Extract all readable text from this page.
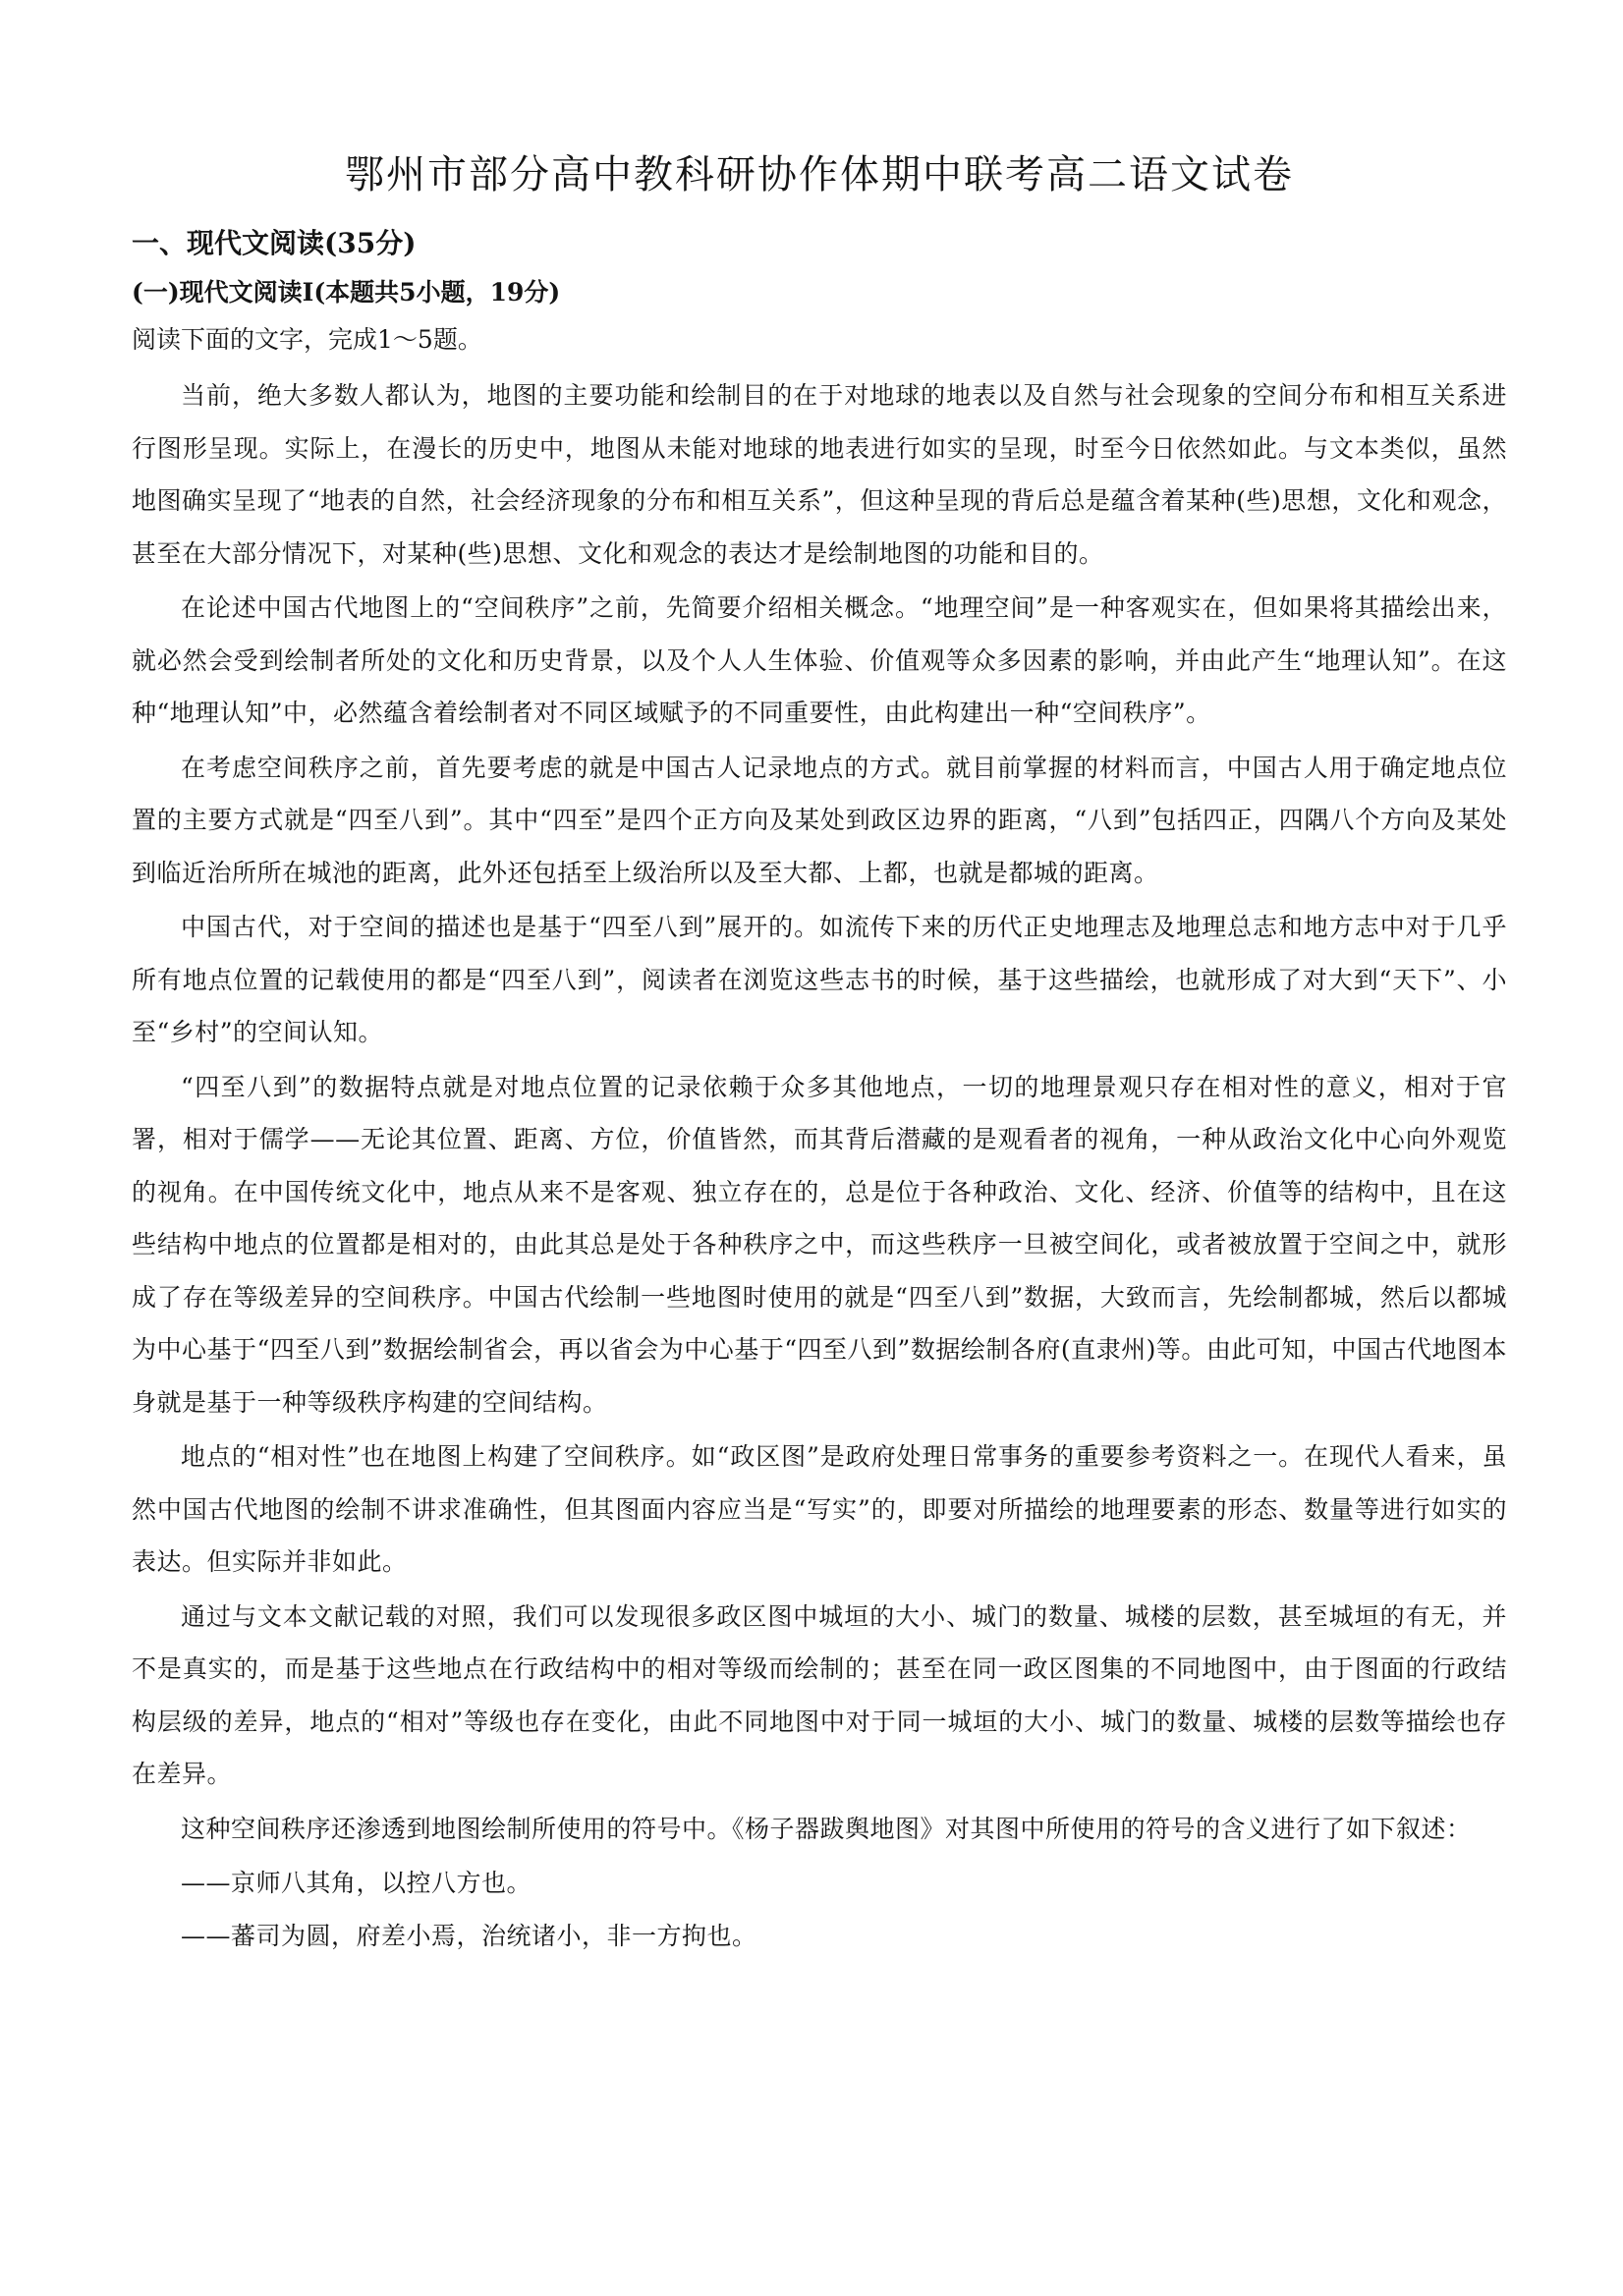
鄂州市部分高中教科研协作体期中联考高二语文试卷
一、现代文阅读(35分)
(一)现代文阅读Ⅰ(本题共5小题，19分)
阅读下面的文字，完成1～5题。

当前，绝大多数人都认为，地图的主要功能和绘制目的在于对地球的地表以及自然与社会现象的空间分布和相互关系进行图形呈现。实际上，在漫长的历史中，地图从未能对地球的地表进行如实的呈现，时至今日依然如此。与文本类似，虽然地图确实呈现了“地表的自然，社会经济现象的分布和相互关系”，但这种呈现的背后总是蕴含着某种(些)思想，文化和观念，甚至在大部分情况下，对某种(些)思想、文化和观念的表达才是绘制地图的功能和目的。

在论述中国古代地图上的“空间秩序”之前，先简要介绍相关概念。“地理空间”是一种客观实在，但如果将其描绘出来，就必然会受到绘制者所处的文化和历史背景，以及个人人生体验、价值观等众多因素的影响，并由此产生“地理认知”。在这种“地理认知”中，必然蕴含着绘制者对不同区域赋予的不同重要性，由此构建出一种“空间秩序”。

在考虑空间秩序之前，首先要考虑的就是中国古人记录地点的方式。就目前掌握的材料而言，中国古人用于确定地点位置的主要方式就是“四至八到”。其中“四至”是四个正方向及某处到政区边界的距离，“八到”包括四正，四隅八个方向及某处到临近治所所在城池的距离，此外还包括至上级治所以及至大都、上都，也就是都城的距离。

中国古代，对于空间的描述也是基于“四至八到”展开的。如流传下来的历代正史地理志及地理总志和地方志中对于几乎所有地点位置的记载使用的都是“四至八到”，阅读者在浏览这些志书的时候，基于这些描绘，也就形成了对大到“天下”、小至“乡村”的空间认知。

“四至八到”的数据特点就是对地点位置的记录依赖于众多其他地点，一切的地理景观只存在相对性的意义，相对于官署，相对于儒学——无论其位置、距离、方位，价值皆然，而其背后潜藏的是观看者的视角，一种从政治文化中心向外观览的视角。在中国传统文化中，地点从来不是客观、独立存在的，总是位于各种政治、文化、经济、价值等的结构中，且在这些结构中地点的位置都是相对的，由此其总是处于各种秩序之中，而这些秩序一旦被空间化，或者被放置于空间之中，就形成了存在等级差异的空间秩序。中国古代绘制一些地图时使用的就是“四至八到”数据，大致而言，先绘制都城，然后以都城为中心基于“四至八到”数据绘制省会，再以省会为中心基于“四至八到”数据绘制各府(直隶州)等。由此可知，中国古代地图本身就是基于一种等级秩序构建的空间结构。

地点的“相对性”也在地图上构建了空间秩序。如“政区图”是政府处理日常事务的重要参考资料之一。在现代人看来，虽然中国古代地图的绘制不讲求准确性，但其图面内容应当是“写实”的，即要对所描绘的地理要素的形态、数量等进行如实的表达。但实际并非如此。

通过与文本文献记载的对照，我们可以发现很多政区图中城垣的大小、城门的数量、城楼的层数，甚至城垣的有无，并不是真实的，而是基于这些地点在行政结构中的相对等级而绘制的；甚至在同一政区图集的不同地图中，由于图面的行政结构层级的差异，地点的“相对”等级也存在变化，由此不同地图中对于同一城垣的大小、城门的数量、城楼的层数等描绘也存在差异。

这种空间秩序还渗透到地图绘制所使用的符号中。《杨子器跋舆地图》对其图中所使用的符号的含义进行了如下叙述：

——京师八其角，以控八方也。

——蕃司为圆，府差小焉，治统诸小，非一方拘也。
